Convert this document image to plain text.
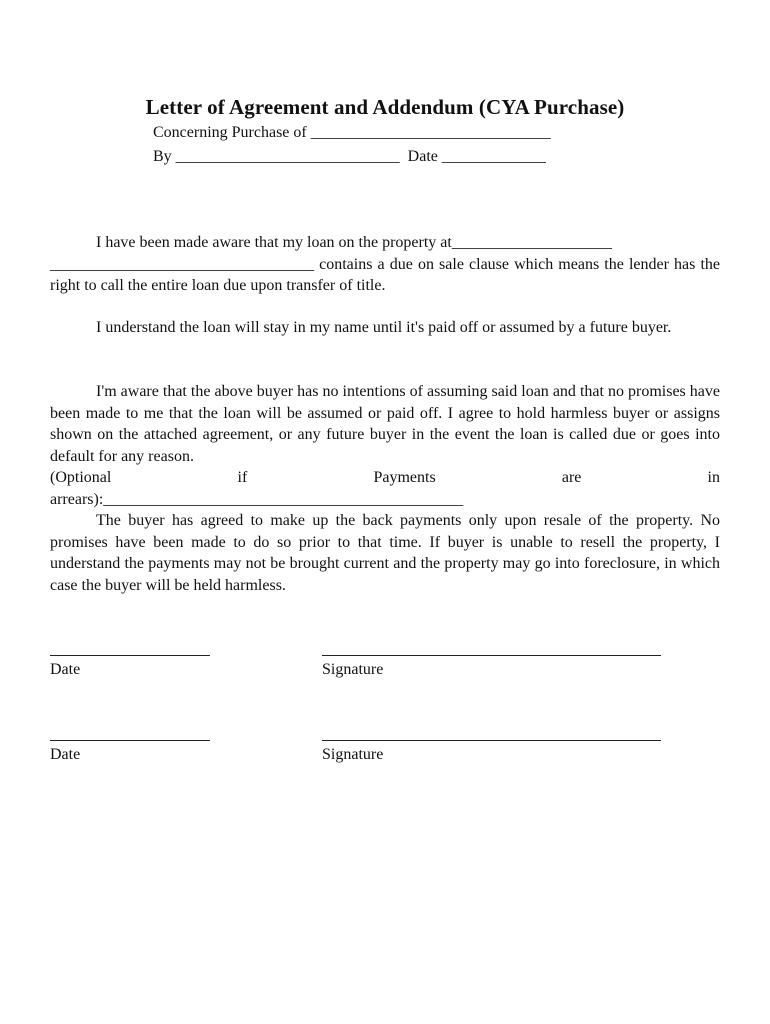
Letter of Agreement and Addendum (CYA Purchase)
Concerning Purchase of ______________________________
By ____________________________  Date _____________

I have been made aware that my loan on the property at____________________

_________________________________ contains a due on sale clause which means the lender has the right to call the entire loan due upon transfer of title.

I understand the loan will stay in my name until it's paid off or assumed by a future buyer.

I'm aware that the above buyer has no intentions of assuming said loan and that no promises have been made to me that the loan will be assumed or paid off. I agree to hold harmless buyer or assigns shown on the attached agreement, or any future buyer in the event the loan is called due or goes into default for any reason.

(Optional	if	Payments	are	in

arrears):_____________________________________________

The buyer has agreed to make up the back payments only upon resale of the property. No promises have been made to do so prior to that time. If buyer is unable to resell the property, I understand the payments may not be brought current and the property may go into foreclosure, in which case the buyer will be held harmless.

Date	Signature
Date	Signature
